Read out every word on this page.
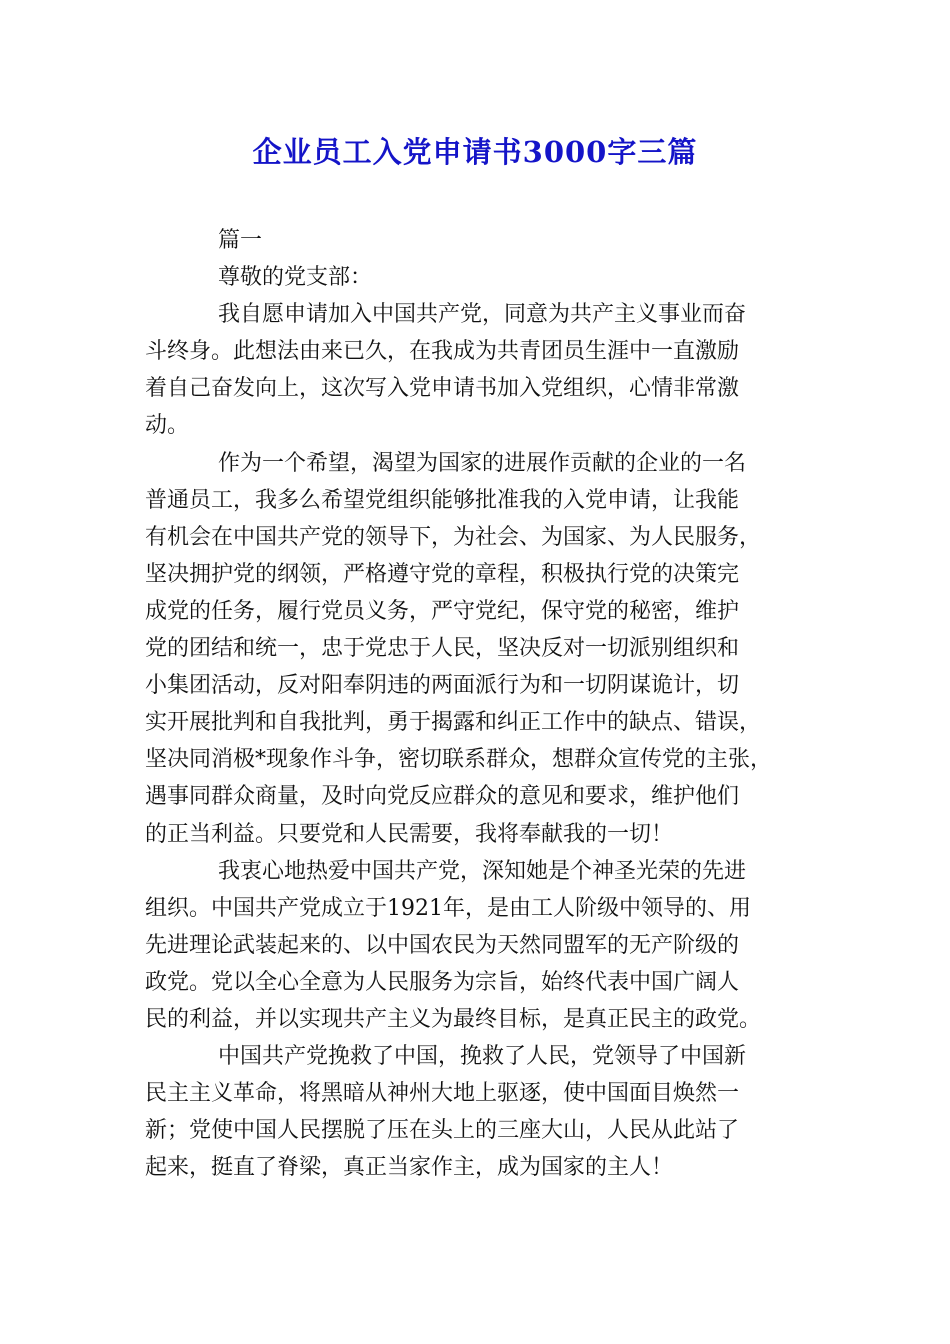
企业员工入党申请书3000字三篇

篇一

尊敬的党支部：

我自愿申请加入中国共产党，同意为共产主义事业而奋

斗终身。此想法由来已久，在我成为共青团员生涯中一直激励

着自己奋发向上，这次写入党申请书加入党组织，心情非常激

动。

作为一个希望，渴望为国家的进展作贡献的企业的一名

普通员工，我多么希望党组织能够批准我的入党申请，让我能

有机会在中国共产党的领导下，为社会、为国家、为人民服务，

坚决拥护党的纲领，严格遵守党的章程，积极执行党的决策完

成党的任务，履行党员义务，严守党纪，保守党的秘密，维护

党的团结和统一，忠于党忠于人民，坚决反对一切派别组织和

小集团活动，反对阳奉阴违的两面派行为和一切阴谋诡计，切

实开展批判和自我批判，勇于揭露和纠正工作中的缺点、错误，

坚决同消极*现象作斗争，密切联系群众，想群众宣传党的主张，

遇事同群众商量，及时向党反应群众的意见和要求，维护他们

的正当利益。只要党和人民需要，我将奉献我的一切！

我衷心地热爱中国共产党，深知她是个神圣光荣的先进

组织。中国共产党成立于1921年，是由工人阶级中领导的、用

先进理论武装起来的、以中国农民为天然同盟军的无产阶级的

政党。党以全心全意为人民服务为宗旨，始终代表中国广阔人

民的利益，并以实现共产主义为最终目标，是真正民主的政党。

中国共产党挽救了中国，挽救了人民，党领导了中国新

民主主义革命，将黑暗从神州大地上驱逐，使中国面目焕然一

新；党使中国人民摆脱了压在头上的三座大山，人民从此站了

起来，挺直了脊梁，真正当家作主，成为国家的主人！
